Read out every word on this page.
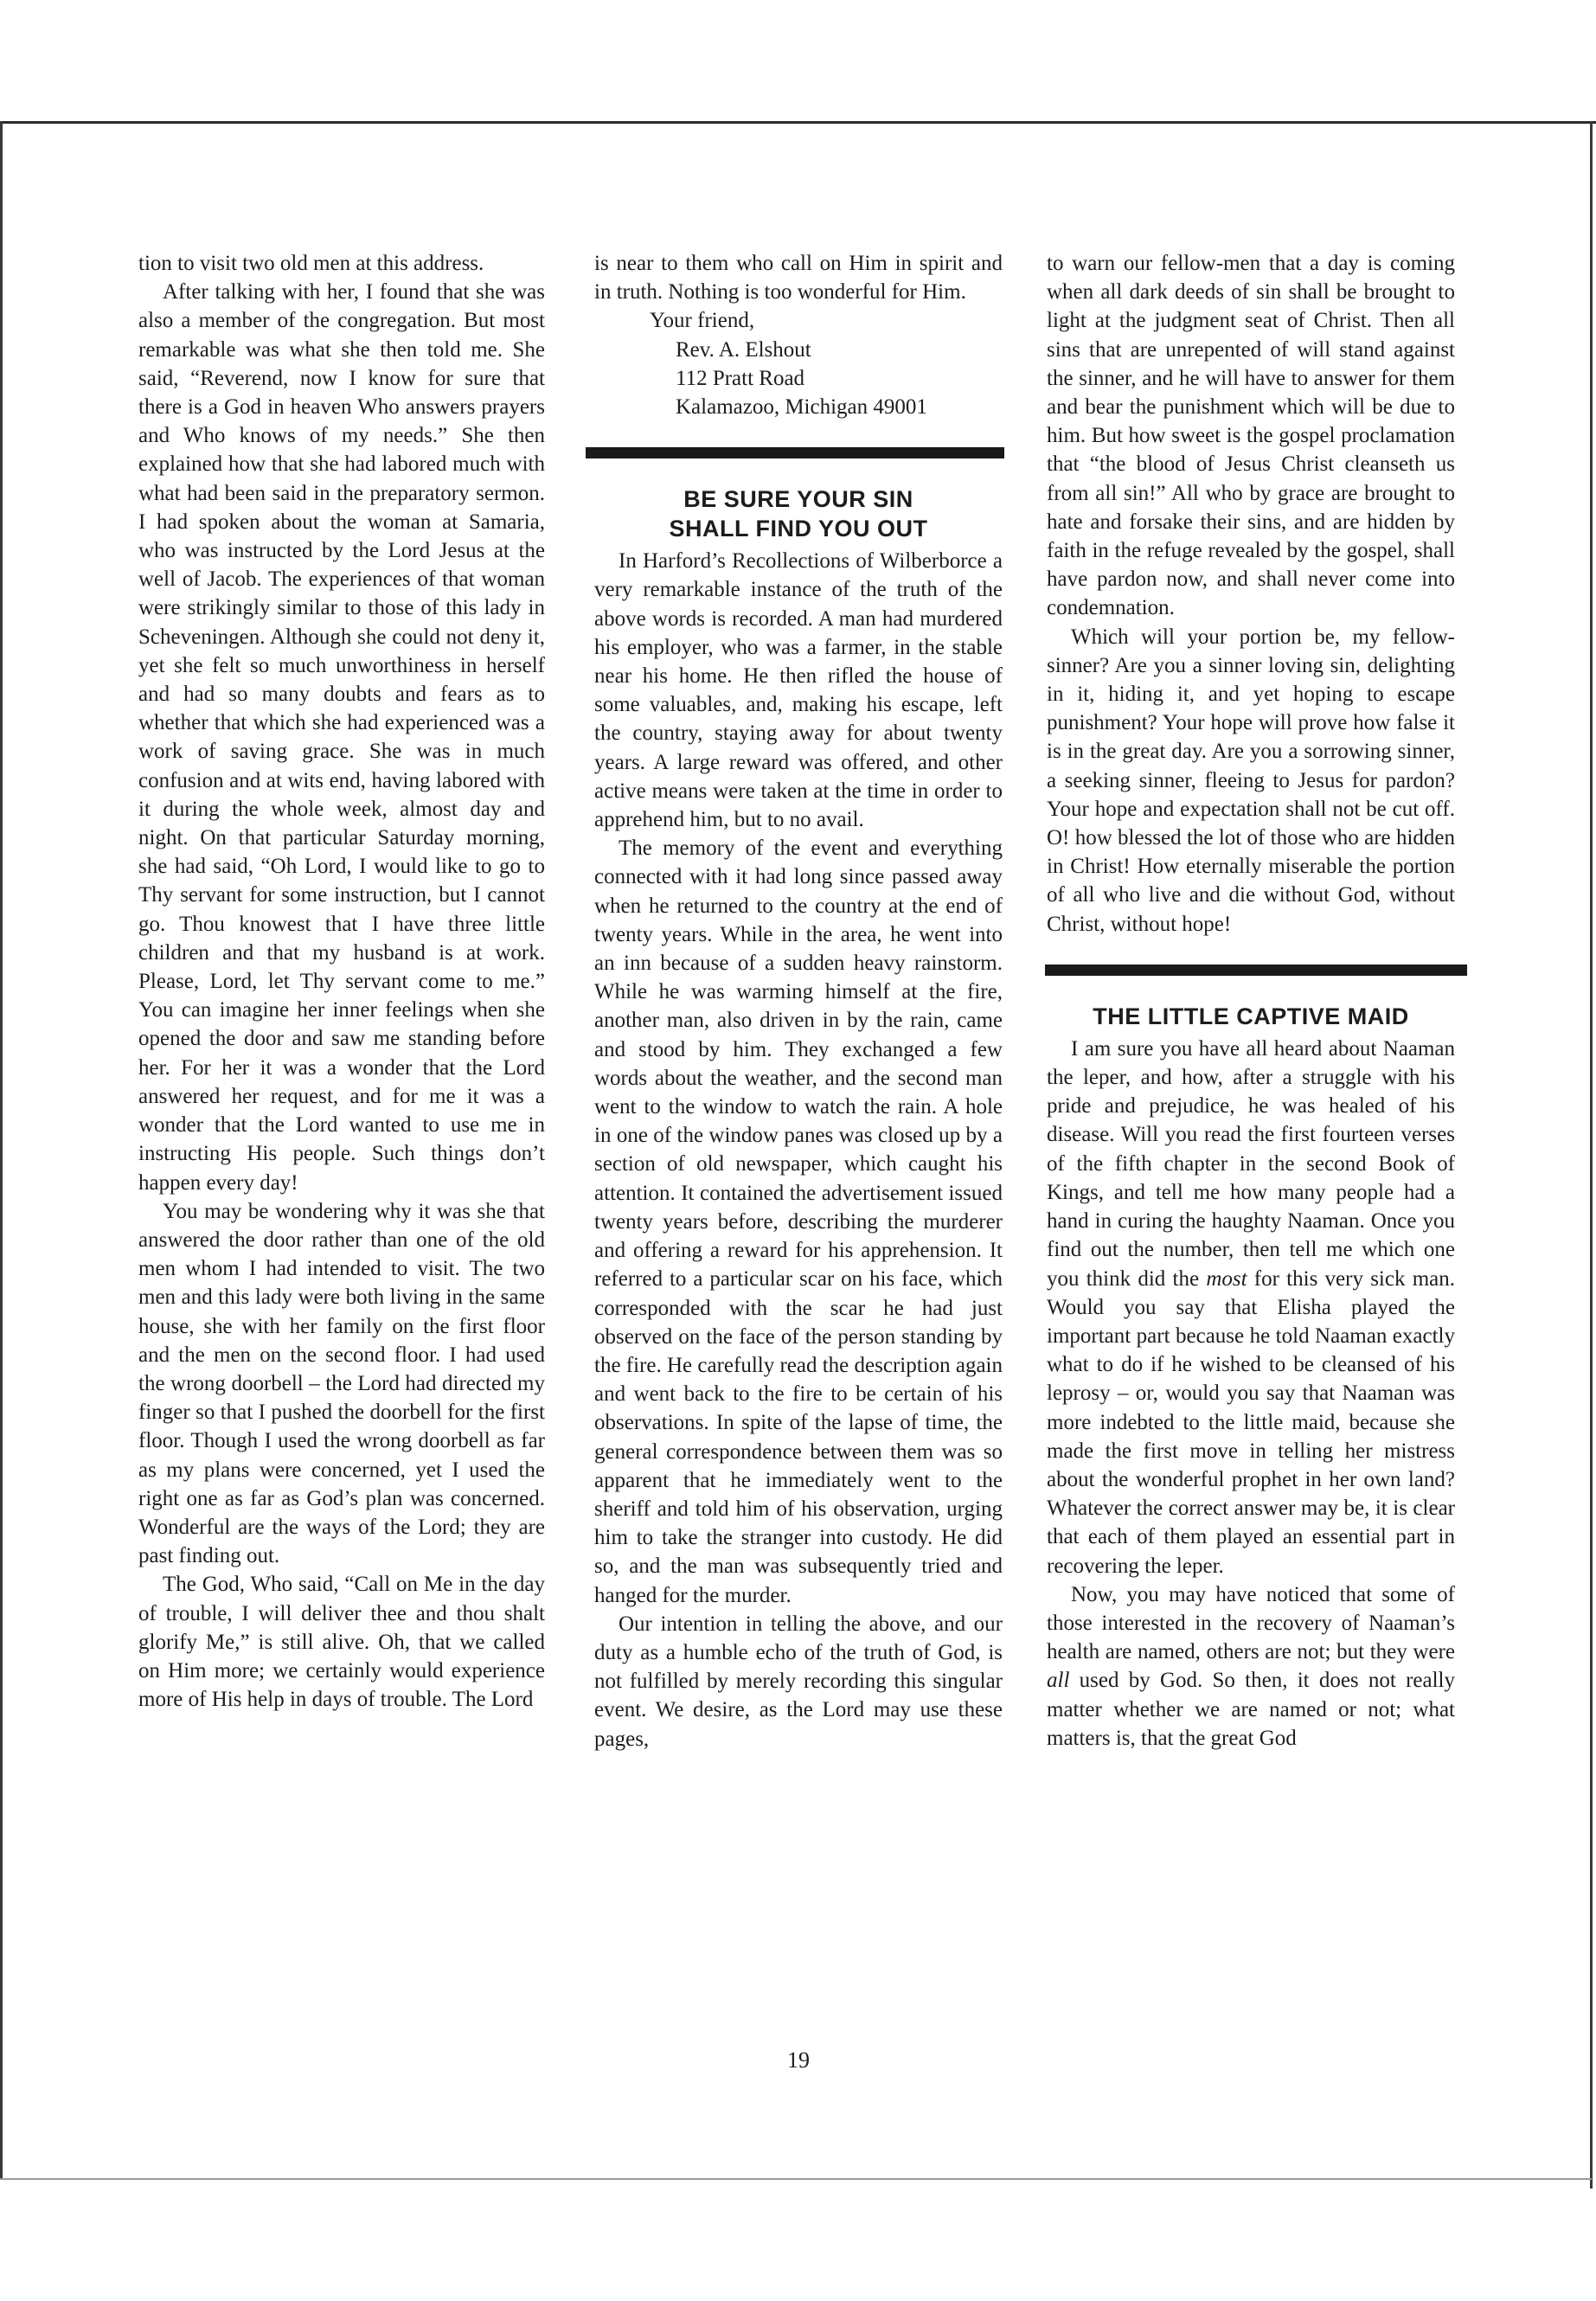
tion to visit two old men at this address.

After talking with her, I found that she was also a member of the congregation. But most remarkable was what she then told me. She said, “Reverend, now I know for sure that there is a God in heaven Who answers prayers and Who knows of my needs.” She then explained how that she had labored much with what had been said in the preparatory sermon. I had spoken about the woman at Samaria, who was instructed by the Lord Jesus at the well of Jacob. The experiences of that woman were strikingly similar to those of this lady in Scheveningen. Although she could not deny it, yet she felt so much unworthiness in herself and had so many doubts and fears as to whether that which she had experienced was a work of saving grace. She was in much confusion and at wits end, having labored with it during the whole week, almost day and night. On that particular Saturday morning, she had said, “Oh Lord, I would like to go to Thy servant for some instruction, but I cannot go. Thou knowest that I have three little children and that my husband is at work. Please, Lord, let Thy servant come to me.” You can imagine her inner feelings when she opened the door and saw me standing before her. For her it was a wonder that the Lord answered her request, and for me it was a wonder that the Lord wanted to use me in instructing His people. Such things don’t happen every day!

You may be wondering why it was she that answered the door rather than one of the old men whom I had intended to visit. The two men and this lady were both living in the same house, she with her family on the first floor and the men on the second floor. I had used the wrong doorbell – the Lord had directed my finger so that I pushed the doorbell for the first floor. Though I used the wrong doorbell as far as my plans were concerned, yet I used the right one as far as God’s plan was concerned. Wonderful are the ways of the Lord; they are past finding out.

The God, Who said, “Call on Me in the day of trouble, I will deliver thee and thou shalt glorify Me,” is still alive. Oh, that we called on Him more; we certainly would experience more of His help in days of trouble. The Lord

is near to them who call on Him in spirit and in truth. Nothing is too wonderful for Him.

Your friend,

Rev. A. Elshout

112 Pratt Road

Kalamazoo, Michigan 49001

BE SURE YOUR SIN
SHALL FIND YOU OUT

In Harford’s Recollections of Wilberborce a very remarkable instance of the truth of the above words is recorded. A man had murdered his employer, who was a farmer, in the stable near his home. He then rifled the house of some valuables, and, making his escape, left the country, staying away for about twenty years. A large reward was offered, and other active means were taken at the time in order to apprehend him, but to no avail.

The memory of the event and everything connected with it had long since passed away when he returned to the country at the end of twenty years. While in the area, he went into an inn because of a sudden heavy rainstorm. While he was warming himself at the fire, another man, also driven in by the rain, came and stood by him. They exchanged a few words about the weather, and the second man went to the window to watch the rain. A hole in one of the window panes was closed up by a section of old newspaper, which caught his attention. It contained the advertisement issued twenty years before, describing the murderer and offering a reward for his apprehension. It referred to a particular scar on his face, which corresponded with the scar he had just observed on the face of the person standing by the fire. He carefully read the description again and went back to the fire to be certain of his observations. In spite of the lapse of time, the general correspondence between them was so apparent that he immediately went to the sheriff and told him of his observation, urging him to take the stranger into custody. He did so, and the man was subsequently tried and hanged for the murder.

Our intention in telling the above, and our duty as a humble echo of the truth of God, is not fulfilled by merely recording this singular event. We desire, as the Lord may use these pages,

to warn our fellow-men that a day is coming when all dark deeds of sin shall be brought to light at the judgment seat of Christ. Then all sins that are unrepented of will stand against the sinner, and he will have to answer for them and bear the punishment which will be due to him. But how sweet is the gospel proclamation that “the blood of Jesus Christ cleanseth us from all sin!” All who by grace are brought to hate and forsake their sins, and are hidden by faith in the refuge revealed by the gospel, shall have pardon now, and shall never come into condemnation.

Which will your portion be, my fellow-sinner? Are you a sinner loving sin, delighting in it, hiding it, and yet hoping to escape punishment? Your hope will prove how false it is in the great day. Are you a sorrowing sinner, a seeking sinner, fleeing to Jesus for pardon? Your hope and expectation shall not be cut off. O! how blessed the lot of those who are hidden in Christ! How eternally miserable the portion of all who live and die without God, without Christ, without hope!

THE LITTLE CAPTIVE MAID

I am sure you have all heard about Naaman the leper, and how, after a struggle with his pride and prejudice, he was healed of his disease. Will you read the first fourteen verses of the fifth chapter in the second Book of Kings, and tell me how many people had a hand in curing the haughty Naaman. Once you find out the number, then tell me which one you think did the most for this very sick man. Would you say that Elisha played the important part because he told Naaman exactly what to do if he wished to be cleansed of his leprosy – or, would you say that Naaman was more indebted to the little maid, because she made the first move in telling her mistress about the wonderful prophet in her own land? Whatever the correct answer may be, it is clear that each of them played an essential part in recovering the leper.

Now, you may have noticed that some of those interested in the recovery of Naaman’s health are named, others are not; but they were all used by God. So then, it does not really matter whether we are named or not; what matters is, that the great God

19
